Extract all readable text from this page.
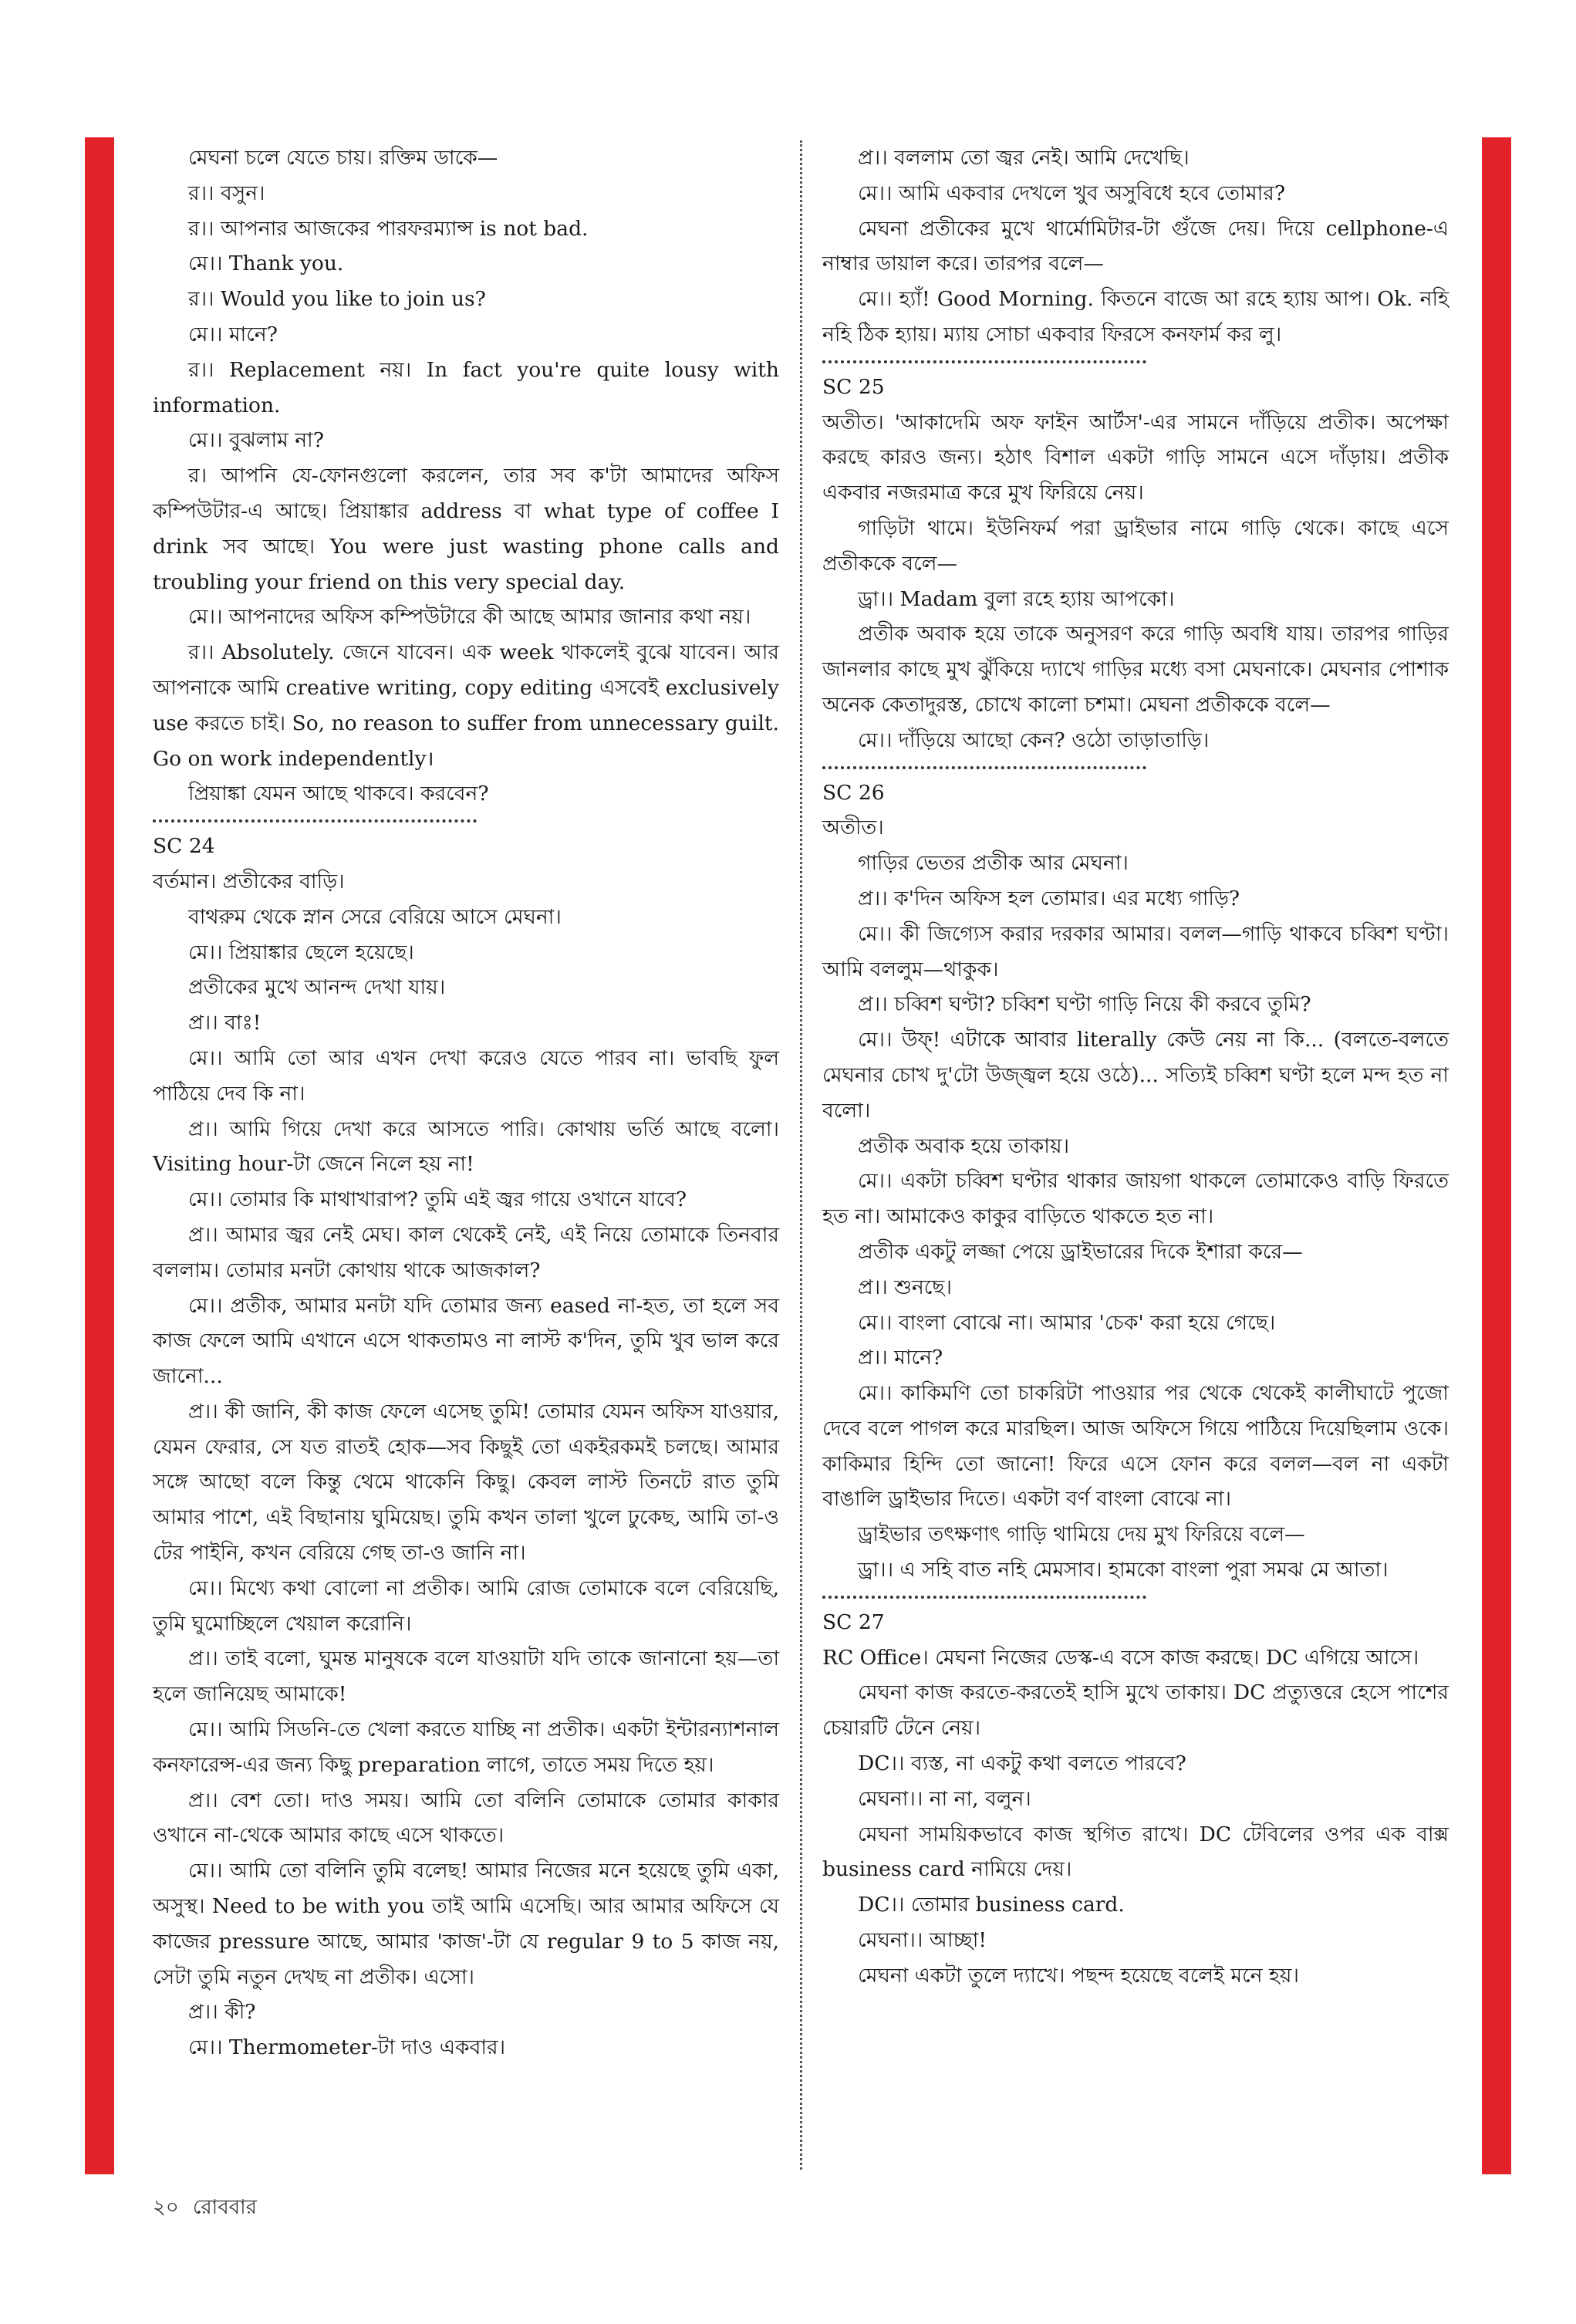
মেঘনা চলে যেতে চায়। রক্তিম ডাকে—

র।। বসুন।

র।। আপনার আজকের পারফরম্যান্স is not bad.

মে।। Thank you.

র।। Would you like to join us?

মে।। মানে?

র।। Replacement নয়। In fact you're quite lousy with information.

মে।। বুঝলাম না?

র। আপনি যে-ফোনগুলো করলেন, তার সব ক'টা আমাদের অফিস কম্পিউটার-এ আছে। প্রিয়াঙ্কার address বা what type of coffee I drink সব আছে। You were just wasting phone calls and troubling your friend on this very special day.

মে।। আপনাদের অফিস কম্পিউটারে কী আছে আমার জানার কথা নয়।

র।। Absolutely. জেনে যাবেন। এক week থাকলেই বুঝে যাবেন। আর আপনাকে আমি creative writing, copy editing এসবেই exclusively use করতে চাই। So, no reason to suffer from unnecessary guilt. Go on work independently।

প্রিয়াঙ্কা যেমন আছে থাকবে। করবেন?

SC 24

বর্তমান। প্রতীকের বাড়ি।

বাথরুম থেকে স্নান সেরে বেরিয়ে আসে মেঘনা।

মে।। প্রিয়াঙ্কার ছেলে হয়েছে।

প্রতীকের মুখে আনন্দ দেখা যায়।

প্র।। বাঃ!

মে।। আমি তো আর এখন দেখা করেও যেতে পারব না। ভাবছি ফুল পাঠিয়ে দেব কি না।

প্র।। আমি গিয়ে দেখা করে আসতে পারি। কোথায় ভর্তি আছে বলো। Visiting hour-টা জেনে নিলে হয় না!

মে।। তোমার কি মাথাখারাপ? তুমি এই জ্বর গায়ে ওখানে যাবে?

প্র।। আমার জ্বর নেই মেঘ। কাল থেকেই নেই, এই নিয়ে তোমাকে তিনবার বললাম। তোমার মনটা কোথায় থাকে আজকাল?

মে।। প্রতীক, আমার মনটা যদি তোমার জন্য eased না-হত, তা হলে সব কাজ ফেলে আমি এখানে এসে থাকতামও না লাস্ট ক'দিন, তুমি খুব ভাল করে জানো...

প্র।। কী জানি, কী কাজ ফেলে এসেছ তুমি! তোমার যেমন অফিস যাওয়ার, যেমন ফেরার, সে যত রাতই হোক—সব কিছুই তো একইরকমই চলছে। আমার সঙ্গে আছো বলে কিন্তু থেমে থাকেনি কিছু। কেবল লাস্ট তিনটে রাত তুমি আমার পাশে, এই বিছানায় ঘুমিয়েছ। তুমি কখন তালা খুলে ঢুকেছ, আমি তা-ও টের পাইনি, কখন বেরিয়ে গেছ তা-ও জানি না।

মে।। মিথ্যে কথা বোলো না প্রতীক। আমি রোজ তোমাকে বলে বেরিয়েছি, তুমি ঘুমোচ্ছিলে খেয়াল করোনি।

প্র।। তাই বলো, ঘুমন্ত মানুষকে বলে যাওয়াটা যদি তাকে জানানো হয়—তা হলে জানিয়েছ আমাকে!

মে।। আমি সিডনি-তে খেলা করতে যাচ্ছি না প্রতীক। একটা ইন্টারন্যাশনাল কনফারেন্স-এর জন্য কিছু preparation লাগে, তাতে সময় দিতে হয়।

প্র।। বেশ তো। দাও সময়। আমি তো বলিনি তোমাকে তোমার কাকার ওখানে না-থেকে আমার কাছে এসে থাকতে।

মে।। আমি তো বলিনি তুমি বলেছ! আমার নিজের মনে হয়েছে তুমি একা, অসুস্থ। Need to be with you তাই আমি এসেছি। আর আমার অফিসে যে কাজের pressure আছে, আমার 'কাজ'-টা যে regular 9 to 5 কাজ নয়, সেটা তুমি নতুন দেখছ না প্রতীক। এসো।

প্র।। কী?

মে।। Thermometer-টা দাও একবার।

প্র।। বললাম তো জ্বর নেই। আমি দেখেছি।

মে।। আমি একবার দেখলে খুব অসুবিধে হবে তোমার?

মেঘনা প্রতীকের মুখে থার্মোমিটার-টা গুঁজে দেয়। দিয়ে cellphone-এ নাম্বার ডায়াল করে। তারপর বলে—

মে।। হ্যাঁ! Good Morning. কিতনে বাজে আ রহে হ্যায় আপ। Ok. নহি নহি ঠিক হ্যায়। ম্যায় সোচা একবার ফিরসে কনফার্ম কর লু।

SC 25

অতীত। 'আকাদেমি অফ ফাইন আর্টস'-এর সামনে দাঁড়িয়ে প্রতীক। অপেক্ষা করছে কারও জন্য। হঠাৎ বিশাল একটা গাড়ি সামনে এসে দাঁড়ায়। প্রতীক একবার নজরমাত্র করে মুখ ফিরিয়ে নেয়।

গাড়িটা থামে। ইউনিফর্ম পরা ড্রাইভার নামে গাড়ি থেকে। কাছে এসে প্রতীককে বলে—

ড্রা।। Madam বুলা রহে হ্যায় আপকো।

প্রতীক অবাক হয়ে তাকে অনুসরণ করে গাড়ি অবধি যায়। তারপর গাড়ির জানলার কাছে মুখ ঝুঁকিয়ে দ্যাখে গাড়ির মধ্যে বসা মেঘনাকে। মেঘনার পোশাক অনেক কেতাদুরস্ত, চোখে কালো চশমা। মেঘনা প্রতীককে বলে—

মে।। দাঁড়িয়ে আছো কেন? ওঠো তাড়াতাড়ি।

SC 26

অতীত।

গাড়ির ভেতর প্রতীক আর মেঘনা।

প্র।। ক'দিন অফিস হল তোমার। এর মধ্যে গাড়ি?

মে।। কী জিগ্যেস করার দরকার আমার। বলল—গাড়ি থাকবে চব্বিশ ঘণ্টা। আমি বললুম—থাকুক।

প্র।। চব্বিশ ঘণ্টা? চব্বিশ ঘণ্টা গাড়ি নিয়ে কী করবে তুমি?

মে।। উফ্! এটাকে আবার literally কেউ নেয় না কি... (বলতে-বলতে মেঘনার চোখ দু'টো উজ্জ্বল হয়ে ওঠে)... সত্যিই চব্বিশ ঘণ্টা হলে মন্দ হত না বলো।

প্রতীক অবাক হয়ে তাকায়।

মে।। একটা চব্বিশ ঘণ্টার থাকার জায়গা থাকলে তোমাকেও বাড়ি ফিরতে হত না। আমাকেও কাকুর বাড়িতে থাকতে হত না।

প্রতীক একটু লজ্জা পেয়ে ড্রাইভারের দিকে ইশারা করে—

প্র।। শুনছে।

মে।। বাংলা বোঝে না। আমার 'চেক' করা হয়ে গেছে।

প্র।। মানে?

মে।। কাকিমণি তো চাকরিটা পাওয়ার পর থেকে থেকেই কালীঘাটে পুজো দেবে বলে পাগল করে মারছিল। আজ অফিসে গিয়ে পাঠিয়ে দিয়েছিলাম ওকে। কাকিমার হিন্দি তো জানো! ফিরে এসে ফোন করে বলল—বল না একটা বাঙালি ড্রাইভার দিতে। একটা বর্ণ বাংলা বোঝে না।

ড্রাইভার তৎক্ষণাৎ গাড়ি থামিয়ে দেয় মুখ ফিরিয়ে বলে—

ড্রা।। এ সহি বাত নহি মেমসাব। হামকো বাংলা পুরা সমঝ মে আতা।

SC 27

RC Office। মেঘনা নিজের ডেস্ক-এ বসে কাজ করছে। DC এগিয়ে আসে।

মেঘনা কাজ করতে-করতেই হাসি মুখে তাকায়। DC প্রত্যুত্তরে হেসে পাশের চেয়ারটি টেনে নেয়।

DC।। ব্যস্ত, না একটু কথা বলতে পারবে?

মেঘনা।। না না, বলুন।

মেঘনা সাময়িকভাবে কাজ স্থগিত রাখে। DC টেবিলের ওপর এক বাক্স business card নামিয়ে দেয়।

DC।। তোমার business card.

মেঘনা।। আচ্ছা!

মেঘনা একটা তুলে দ্যাখে। পছন্দ হয়েছে বলেই মনে হয়।

২০ রোববার
